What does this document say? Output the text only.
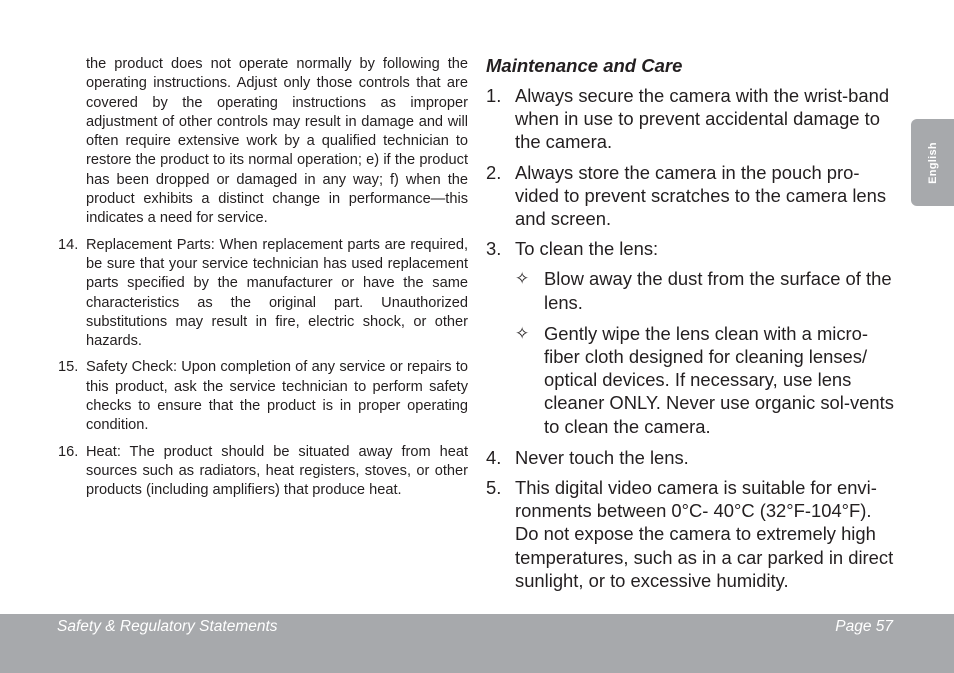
the product does not operate normally by following the operating instructions. Adjust only those controls that are covered by the operating instructions as improper adjustment of other controls may result in damage and will often require extensive work by a qualified technician to restore the product to its normal operation; e) if the product has been dropped or damaged in any way; f) when the product exhibits a distinct change in performance—this indicates a need for service.

14. Replacement Parts: When replacement parts are required, be sure that your service technician has used replacement parts specified by the manufacturer or have the same characteristics as the original part. Unauthorized substitutions may result in fire, electric shock, or other hazards.
15. Safety Check: Upon completion of any service or repairs to this product, ask the service technician to perform safety checks to ensure that the product is in proper operating condition.
16. Heat: The product should be situated away from heat sources such as radiators, heat registers, stoves, or other products (including amplifiers) that produce heat.
Maintenance and Care
1. Always secure the camera with the wrist-band when in use to prevent accidental damage to the camera.
2. Always store the camera in the pouch pro-vided to prevent scratches to the camera lens and screen.
3. To clean the lens:
✧ Blow away the dust from the surface of the lens.
✧ Gently wipe the lens clean with a micro-fiber cloth designed for cleaning lenses/ optical devices. If necessary, use lens cleaner ONLY. Never use organic sol-vents to clean the camera.
4. Never touch the lens.
5. This digital video camera is suitable for envi-ronments between 0°C- 40°C (32°F-104°F). Do not expose the camera to extremely high temperatures, such as in a car parked in direct sunlight, or to excessive humidity.
English
Safety & Regulatory Statements	Page 57
